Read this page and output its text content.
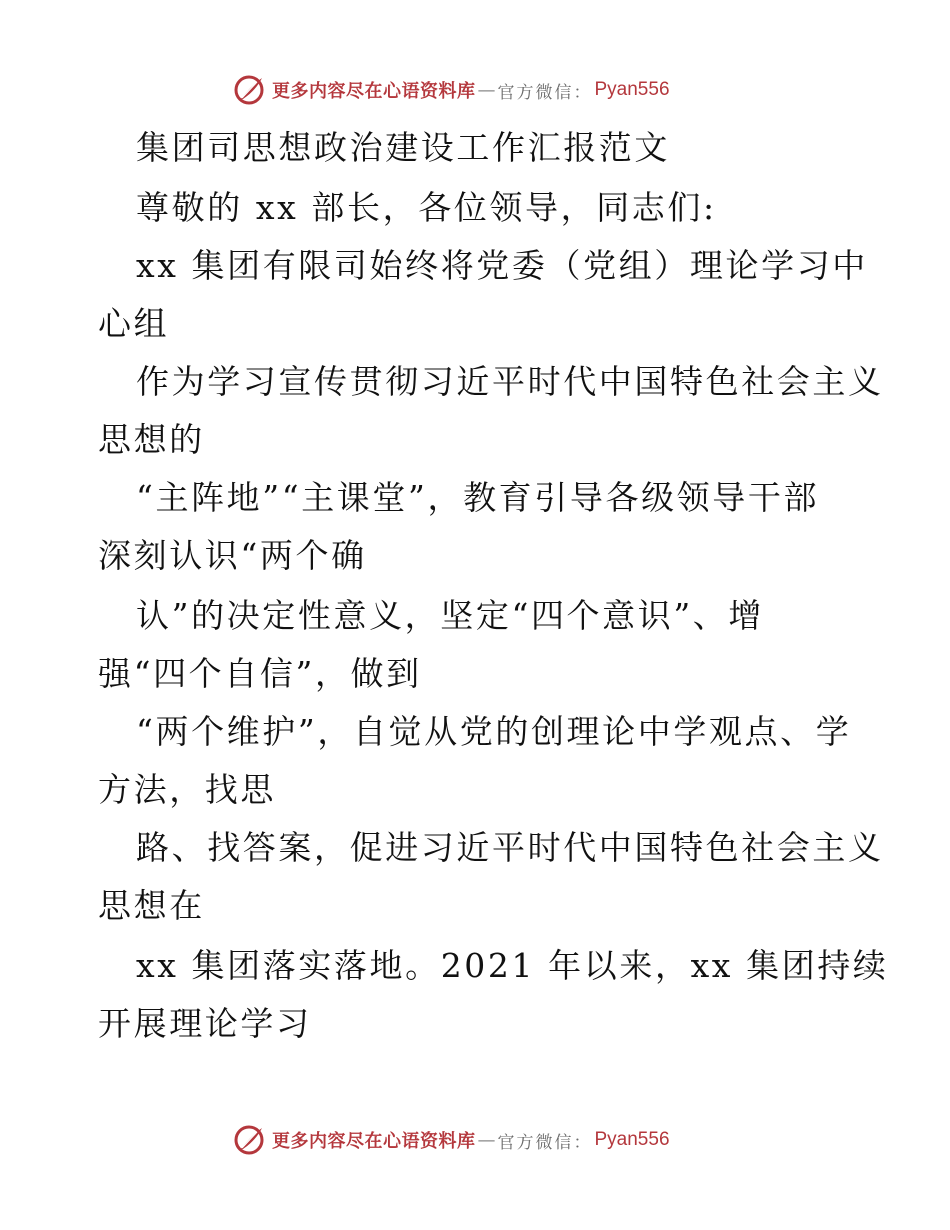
更多内容尽在心语资料库 — 官方微信： Pyan556
集团司思想政治建设工作汇报范文
尊敬的 xx 部长，各位领导，同志们:
xx 集团有限司始终将党委（党组）理论学习中
心组
作为学习宣传贯彻习近平时代中国特色社会主义
思想的
“主阵地”“主课堂”，教育引导各级领导干部
深刻认识“两个确
认”的决定性意义，坚定“四个意识”、增
强“四个自信”，做到
“两个维护”，自觉从党的创理论中学观点、学
方法，找思
路、找答案，促进习近平时代中国特色社会主义
思想在
xx 集团落实落地。2021 年以来，xx 集团持续
开展理论学习
更多内容尽在心语资料库 — 官方微信： Pyan556
